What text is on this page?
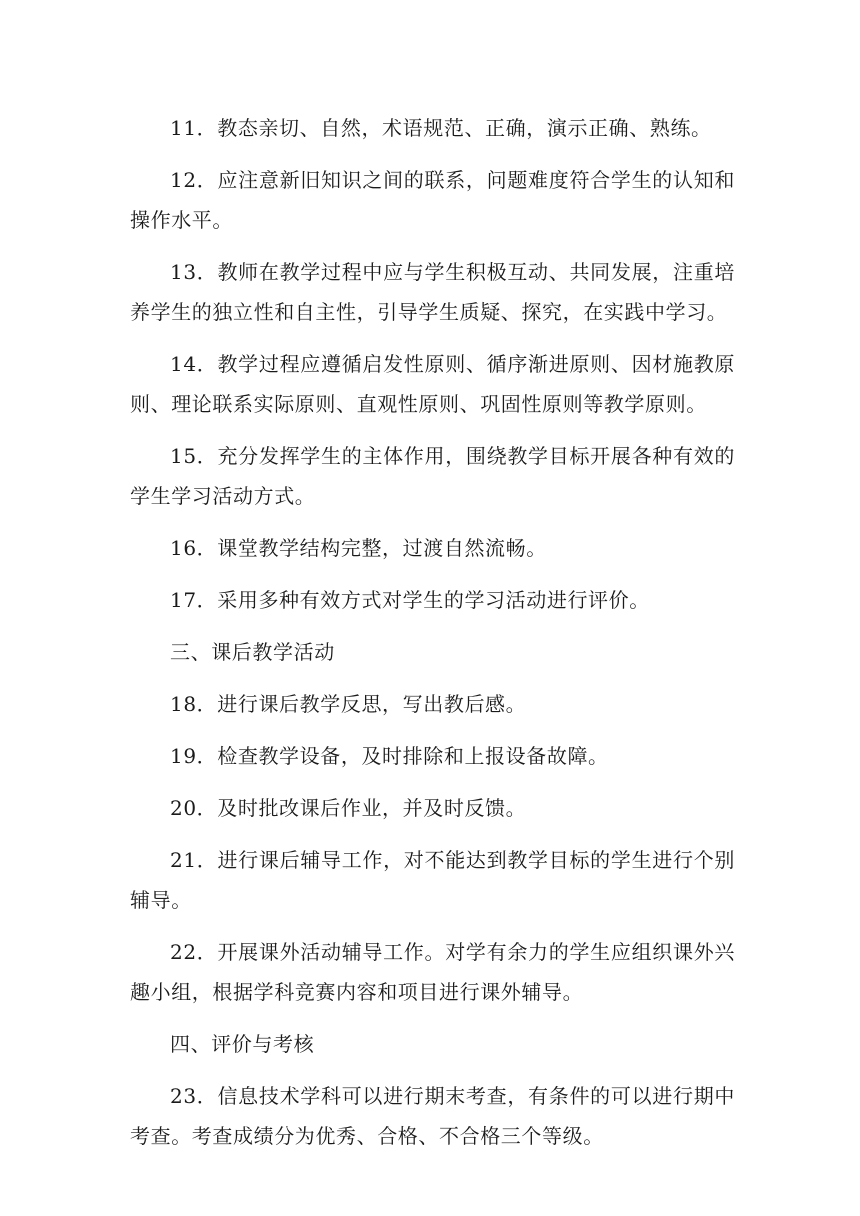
11．教态亲切、自然，术语规范、正确，演示正确、熟练。

12．应注意新旧知识之间的联系，问题难度符合学生的认知和操作水平。

13．教师在教学过程中应与学生积极互动、共同发展，注重培养学生的独立性和自主性，引导学生质疑、探究，在实践中学习。

14．教学过程应遵循启发性原则、循序渐进原则、因材施教原则、理论联系实际原则、直观性原则、巩固性原则等教学原则。

15．充分发挥学生的主体作用，围绕教学目标开展各种有效的学生学习活动方式。

16．课堂教学结构完整，过渡自然流畅。

17．采用多种有效方式对学生的学习活动进行评价。

三、课后教学活动

18．进行课后教学反思，写出教后感。

19．检查教学设备，及时排除和上报设备故障。

20．及时批改课后作业，并及时反馈。

21．进行课后辅导工作，对不能达到教学目标的学生进行个别辅导。

22．开展课外活动辅导工作。对学有余力的学生应组织课外兴趣小组，根据学科竞赛内容和项目进行课外辅导。

四、评价与考核

23．信息技术学科可以进行期末考查，有条件的可以进行期中考查。考查成绩分为优秀、合格、不合格三个等级。
